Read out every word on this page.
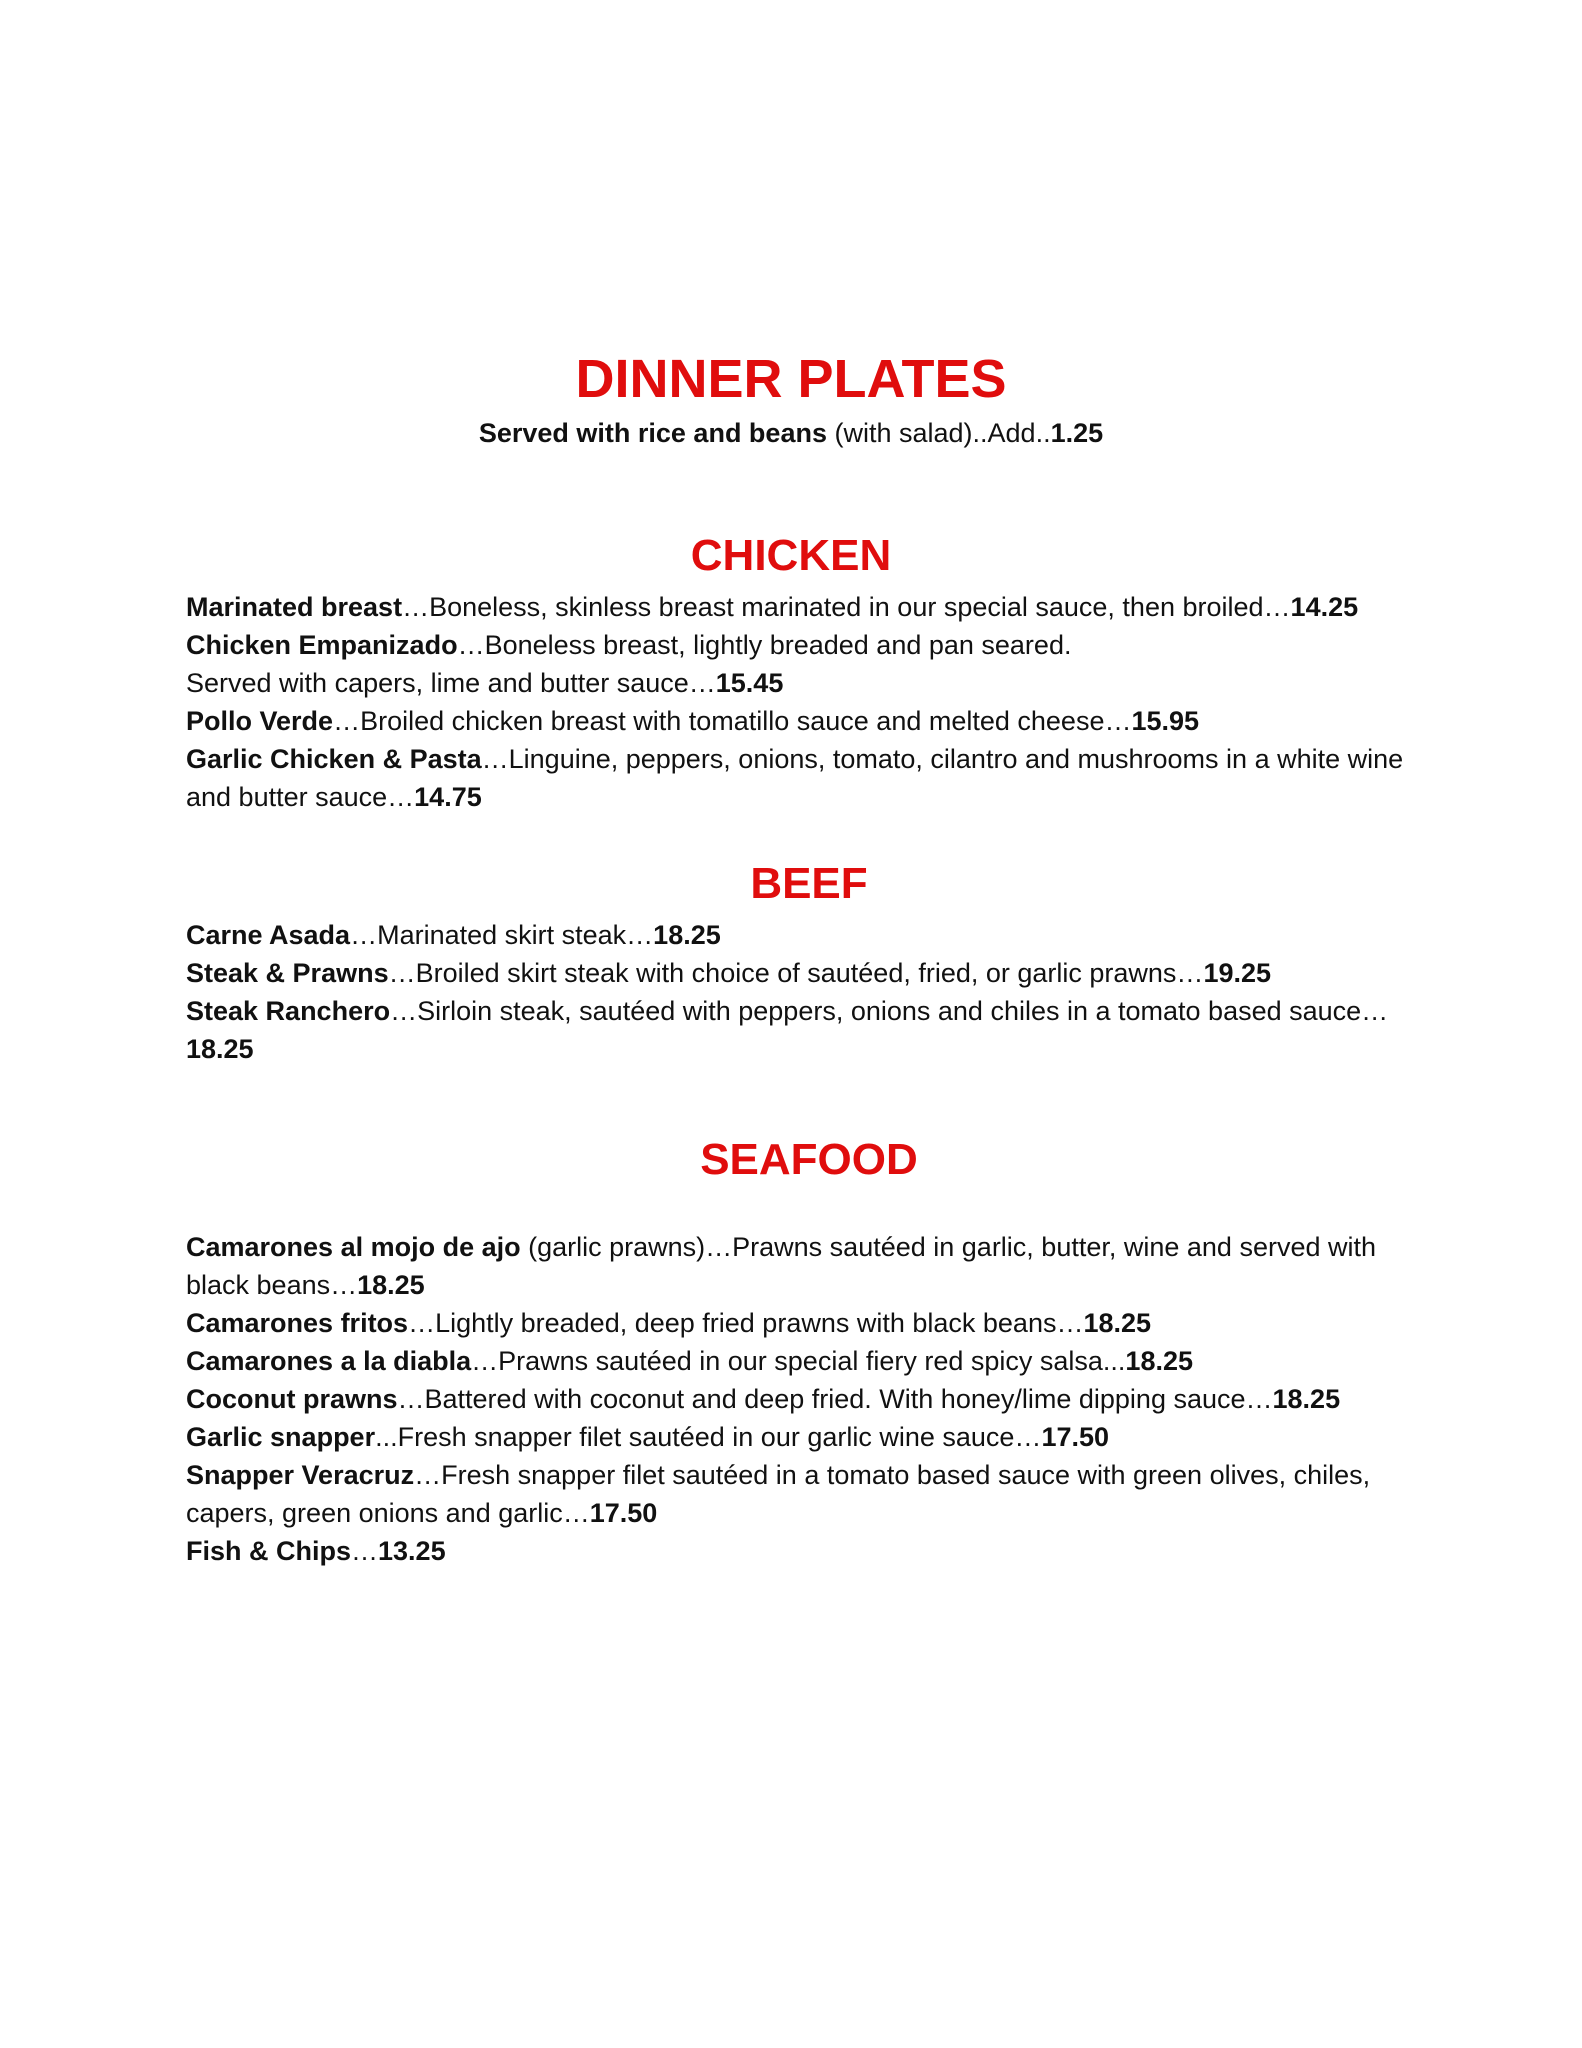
DINNER PLATES

Served with rice and beans (with salad)..Add..1.25

CHICKEN
Marinated breast…Boneless, skinless breast marinated in our special sauce, then broiled…14.25
Chicken Empanizado…Boneless breast, lightly breaded and pan seared.
Served with capers, lime and butter sauce…15.45
Pollo Verde…Broiled chicken breast with tomatillo sauce and melted cheese…15.95
Garlic Chicken & Pasta…Linguine, peppers, onions, tomato, cilantro and mushrooms in a white wine and butter sauce…14.75
BEEF
Carne Asada…Marinated skirt steak…18.25
Steak & Prawns…Broiled skirt steak with choice of sautéed, fried, or garlic prawns…19.25
Steak Ranchero…Sirloin steak, sautéed with peppers, onions and chiles in a tomato based sauce…18.25
SEAFOOD
Camarones al mojo de ajo (garlic prawns)…Prawns sautéed in garlic, butter, wine and served with black beans…18.25
Camarones fritos…Lightly breaded, deep fried prawns with black beans…18.25
Camarones a la diabla…Prawns sautéed in our special fiery red spicy salsa...18.25
Coconut prawns…Battered with coconut and deep fried. With honey/lime dipping sauce…18.25
Garlic snapper...Fresh snapper filet sautéed in our garlic wine sauce…17.50
Snapper Veracruz…Fresh snapper filet sautéed in a tomato based sauce with green olives, chiles, capers, green onions and garlic…17.50
Fish & Chips…13.25
